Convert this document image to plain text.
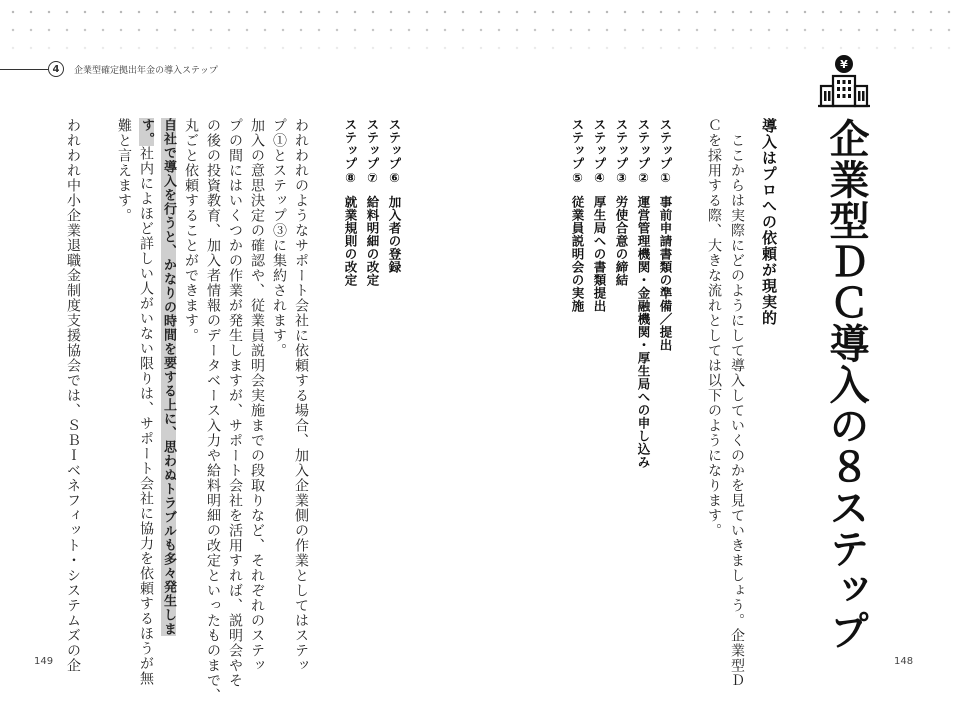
4	企業型確定拠出年金の導入ステップ	¥
企業型ＤＣ導入の８ステップ
導入はプロへの依頼が現実的
　ここからは実際にどのようにして導入していくのかを見ていきましょう。企業型Ｄ
Ｃを採用する際、大きな流れとしては以下のようになります。
ステップ①事前申請書類の準備／提出
ステップ②運営管理機関・金融機関・厚生局への申し込み
ステップ③労使合意の締結
ステップ④厚生局への書類提出
ステップ⑤従業員説明会の実施
148
ステップ⑥加入者の登録
ステップ⑦給料明細の改定
ステップ⑧就業規則の改定
われわれのようなサポート会社に依頼する場合、加入企業側の作業としてはステッ
プ①とステップ③に集約されます。
加入の意思決定の確認や、従業員説明会実施までの段取りなど、それぞれのステッ
プの間にはいくつかの作業が発生しますが、サポート会社を活用すれば、説明会やそ
の後の投資教育、加入者情報のデータベース入力や給料明細の改定といったものまで、
丸ごと依頼することができます。
自社で導入を行うと、かなりの時間を要する上に、思わぬトラブルも多々発生しま
す。社内によほど詳しい人がいない限りは、サポート会社に協力を依頼するほうが無
難と言えます。
われわれ中小企業退職金制度支援協会では、ＳＢＩベネフィット・システムズの企
149
